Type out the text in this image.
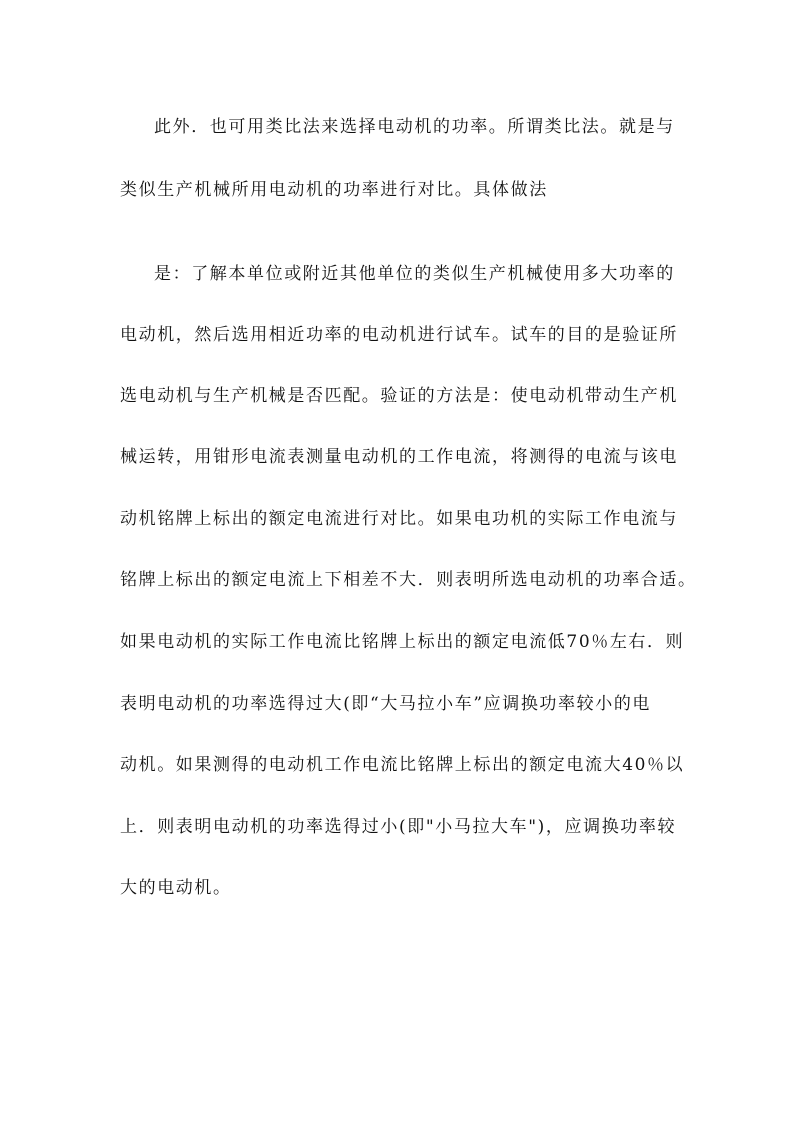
此外．也可用类比法来选择电动机的功率。所谓类比法。就是与
类似生产机械所用电动机的功率进行对比。具体做法
是：了解本单位或附近其他单位的类似生产机械使用多大功率的
电动机，然后选用相近功率的电动机进行试车。试车的目的是验证所
选电动机与生产机械是否匹配。验证的方法是：使电动机带动生产机
械运转，用钳形电流表测量电动机的工作电流，将测得的电流与该电
动机铭牌上标出的额定电流进行对比。如果电功机的实际工作电流与
铭牌上标出的额定电流上下相差不大．则表明所选电动机的功率合适。
如果电动机的实际工作电流比铭牌上标出的额定电流低70％左右．则
表明电动机的功率选得过大(即“大马拉小车”应调换功率较小的电
动机。如果测得的电动机工作电流比铭牌上标出的额定电流大40％以
上．则表明电动机的功率选得过小(即"小马拉大车")，应调换功率较
大的电动机。
